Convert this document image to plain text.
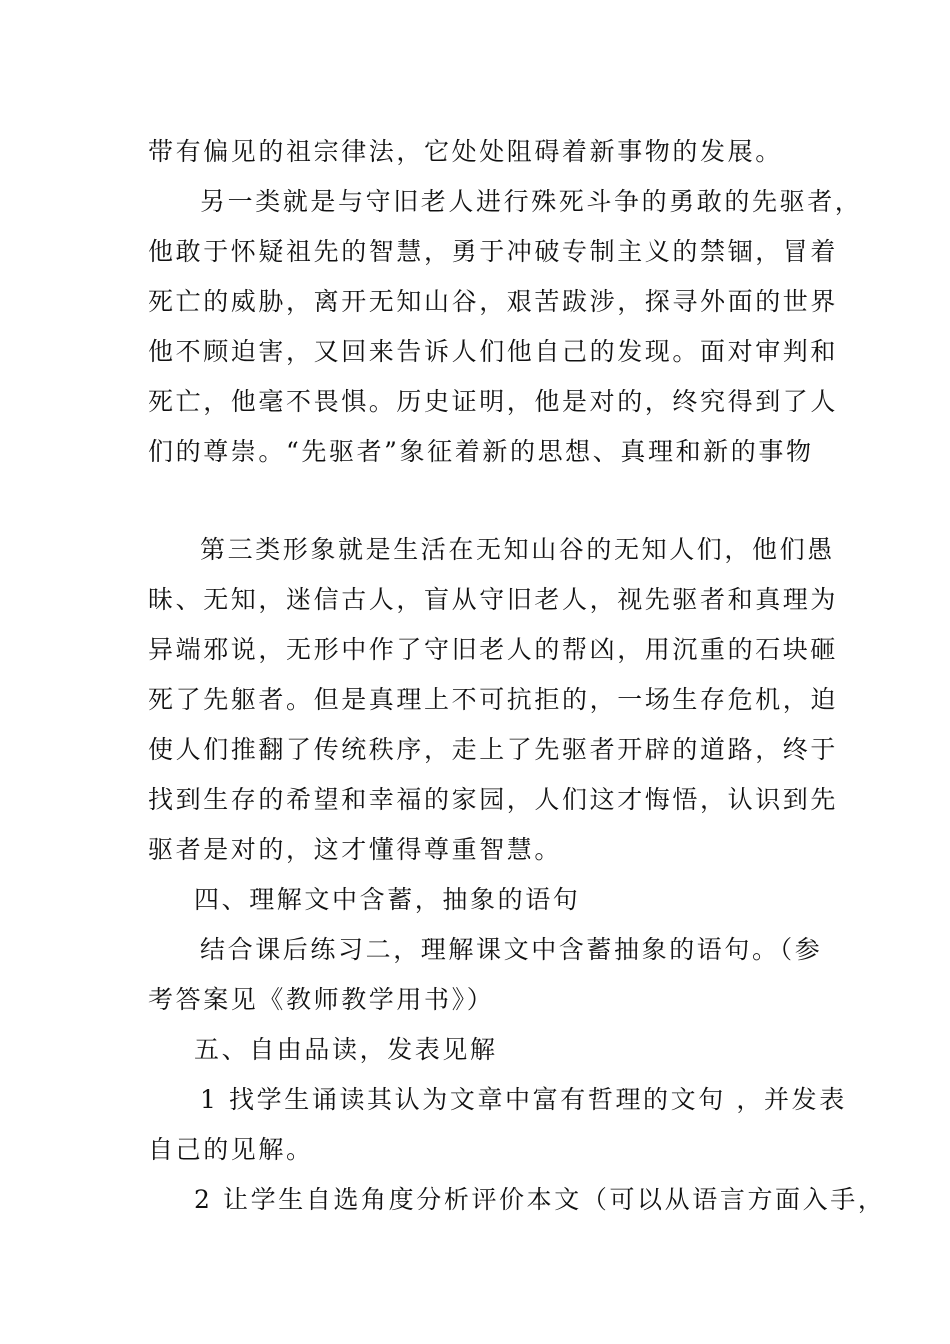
带有偏见的祖宗律法，它处处阻碍着新事物的发展。
另一类就是与守旧老人进行殊死斗争的勇敢的先驱者，
他敢于怀疑祖先的智慧，勇于冲破专制主义的禁锢，冒着
死亡的威胁，离开无知山谷，艰苦跋涉，探寻外面的世界
他不顾迫害，又回来告诉人们他自己的发现。面对审判和
死亡，他毫不畏惧。历史证明，他是对的，终究得到了人
们的尊崇。“先驱者”象征着新的思想、真理和新的事物
第三类形象就是生活在无知山谷的无知人们，他们愚
昧、无知，迷信古人，盲从守旧老人，视先驱者和真理为
异端邪说，无形中作了守旧老人的帮凶，用沉重的石块砸
死了先躯者。但是真理上不可抗拒的，一场生存危机，迫
使人们推翻了传统秩序，走上了先驱者开辟的道路，终于
找到生存的希望和幸福的家园，人们这才悔悟，认识到先
驱者是对的，这才懂得尊重智慧。
四、理解文中含蓄，抽象的语句
结合课后练习二，理解课文中含蓄抽象的语句。（参
考答案见《教师教学用书》）
五、自由品读，发表见解
1 找学生诵读其认为文章中富有哲理的文句 ，并发表
自己的见解。
2 让学生自选角度分析评价本文（可以从语言方面入手，
